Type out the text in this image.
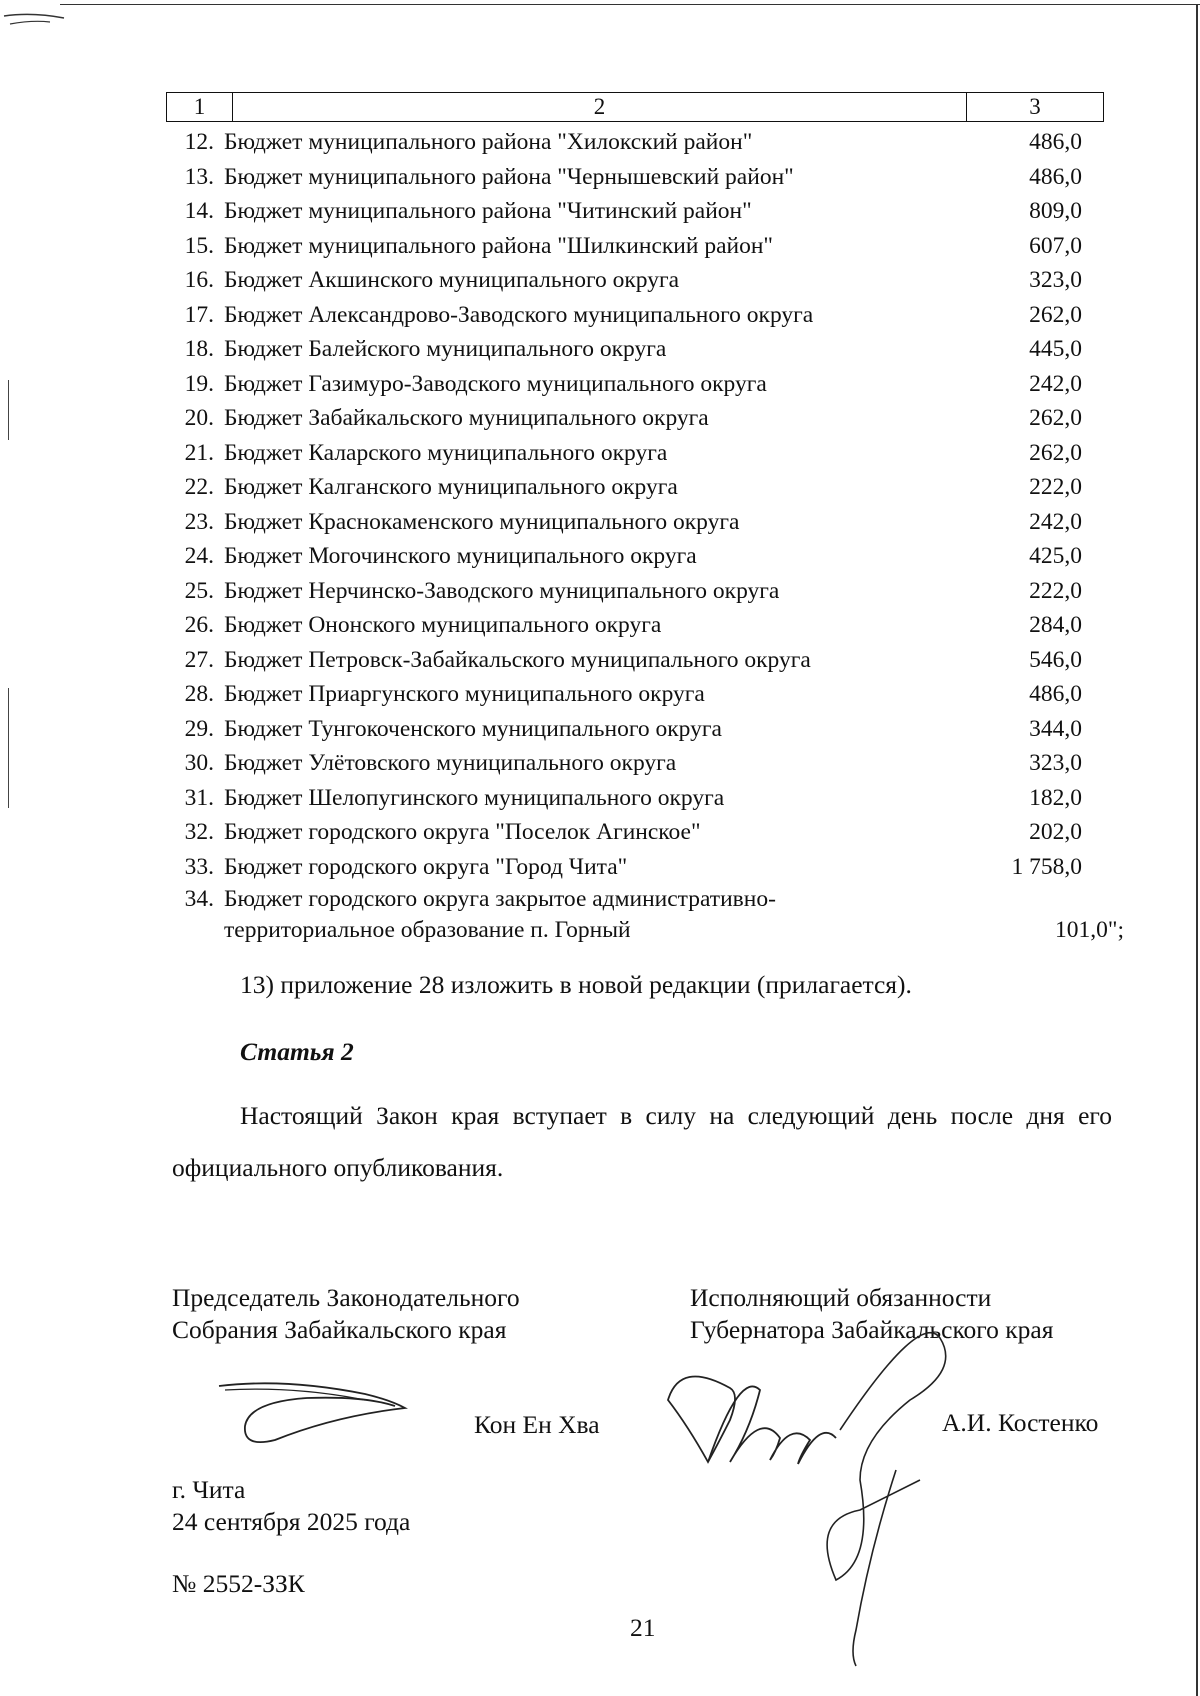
1	2	3
12. Бюджет муниципального района "Хилокский район"	486,0
13. Бюджет муниципального района "Чернышевский район"	486,0
14. Бюджет муниципального района "Читинский район"	809,0
15. Бюджет муниципального района "Шилкинский район"	607,0
16. Бюджет Акшинского муниципального округа	323,0
17. Бюджет Александрово-Заводского муниципального округа	262,0
18. Бюджет Балейского муниципального округа	445,0
19. Бюджет Газимуро-Заводского муниципального округа	242,0
20. Бюджет Забайкальского муниципального округа	262,0
21. Бюджет Каларского муниципального округа	262,0
22. Бюджет Калганского муниципального округа	222,0
23. Бюджет Краснокаменского муниципального округа	242,0
24. Бюджет Могочинского муниципального округа	425,0
25. Бюджет Нерчинско-Заводского муниципального округа	222,0
26. Бюджет Ононского муниципального округа	284,0
27. Бюджет Петровск-Забайкальского муниципального округа	546,0
28. Бюджет Приаргунского муниципального округа	486,0
29. Бюджет Тунгокоченского муниципального округа	344,0
30. Бюджет Улётовского муниципального округа	323,0
31. Бюджет Шелопугинского муниципального округа	182,0
32. Бюджет городского округа "Поселок Агинское"	202,0
33. Бюджет городского округа "Город Чита"	1 758,0
34. Бюджет городского округа закрытое административно-
территориальное образование п. Горный	101,0";
13) приложение 28 изложить в новой редакции (прилагается).
Статья 2
Настоящий Закон края вступает в силу на следующий день после дня его официального опубликования.
Председатель Законодательного
Собрания Забайкальского края
Исполняющий обязанности
Губернатора Забайкальского края
Кон Ен Хва	А.И. Костенко
г. Чита
24 сентября 2025 года
№ 2552-ЗЗК
21
